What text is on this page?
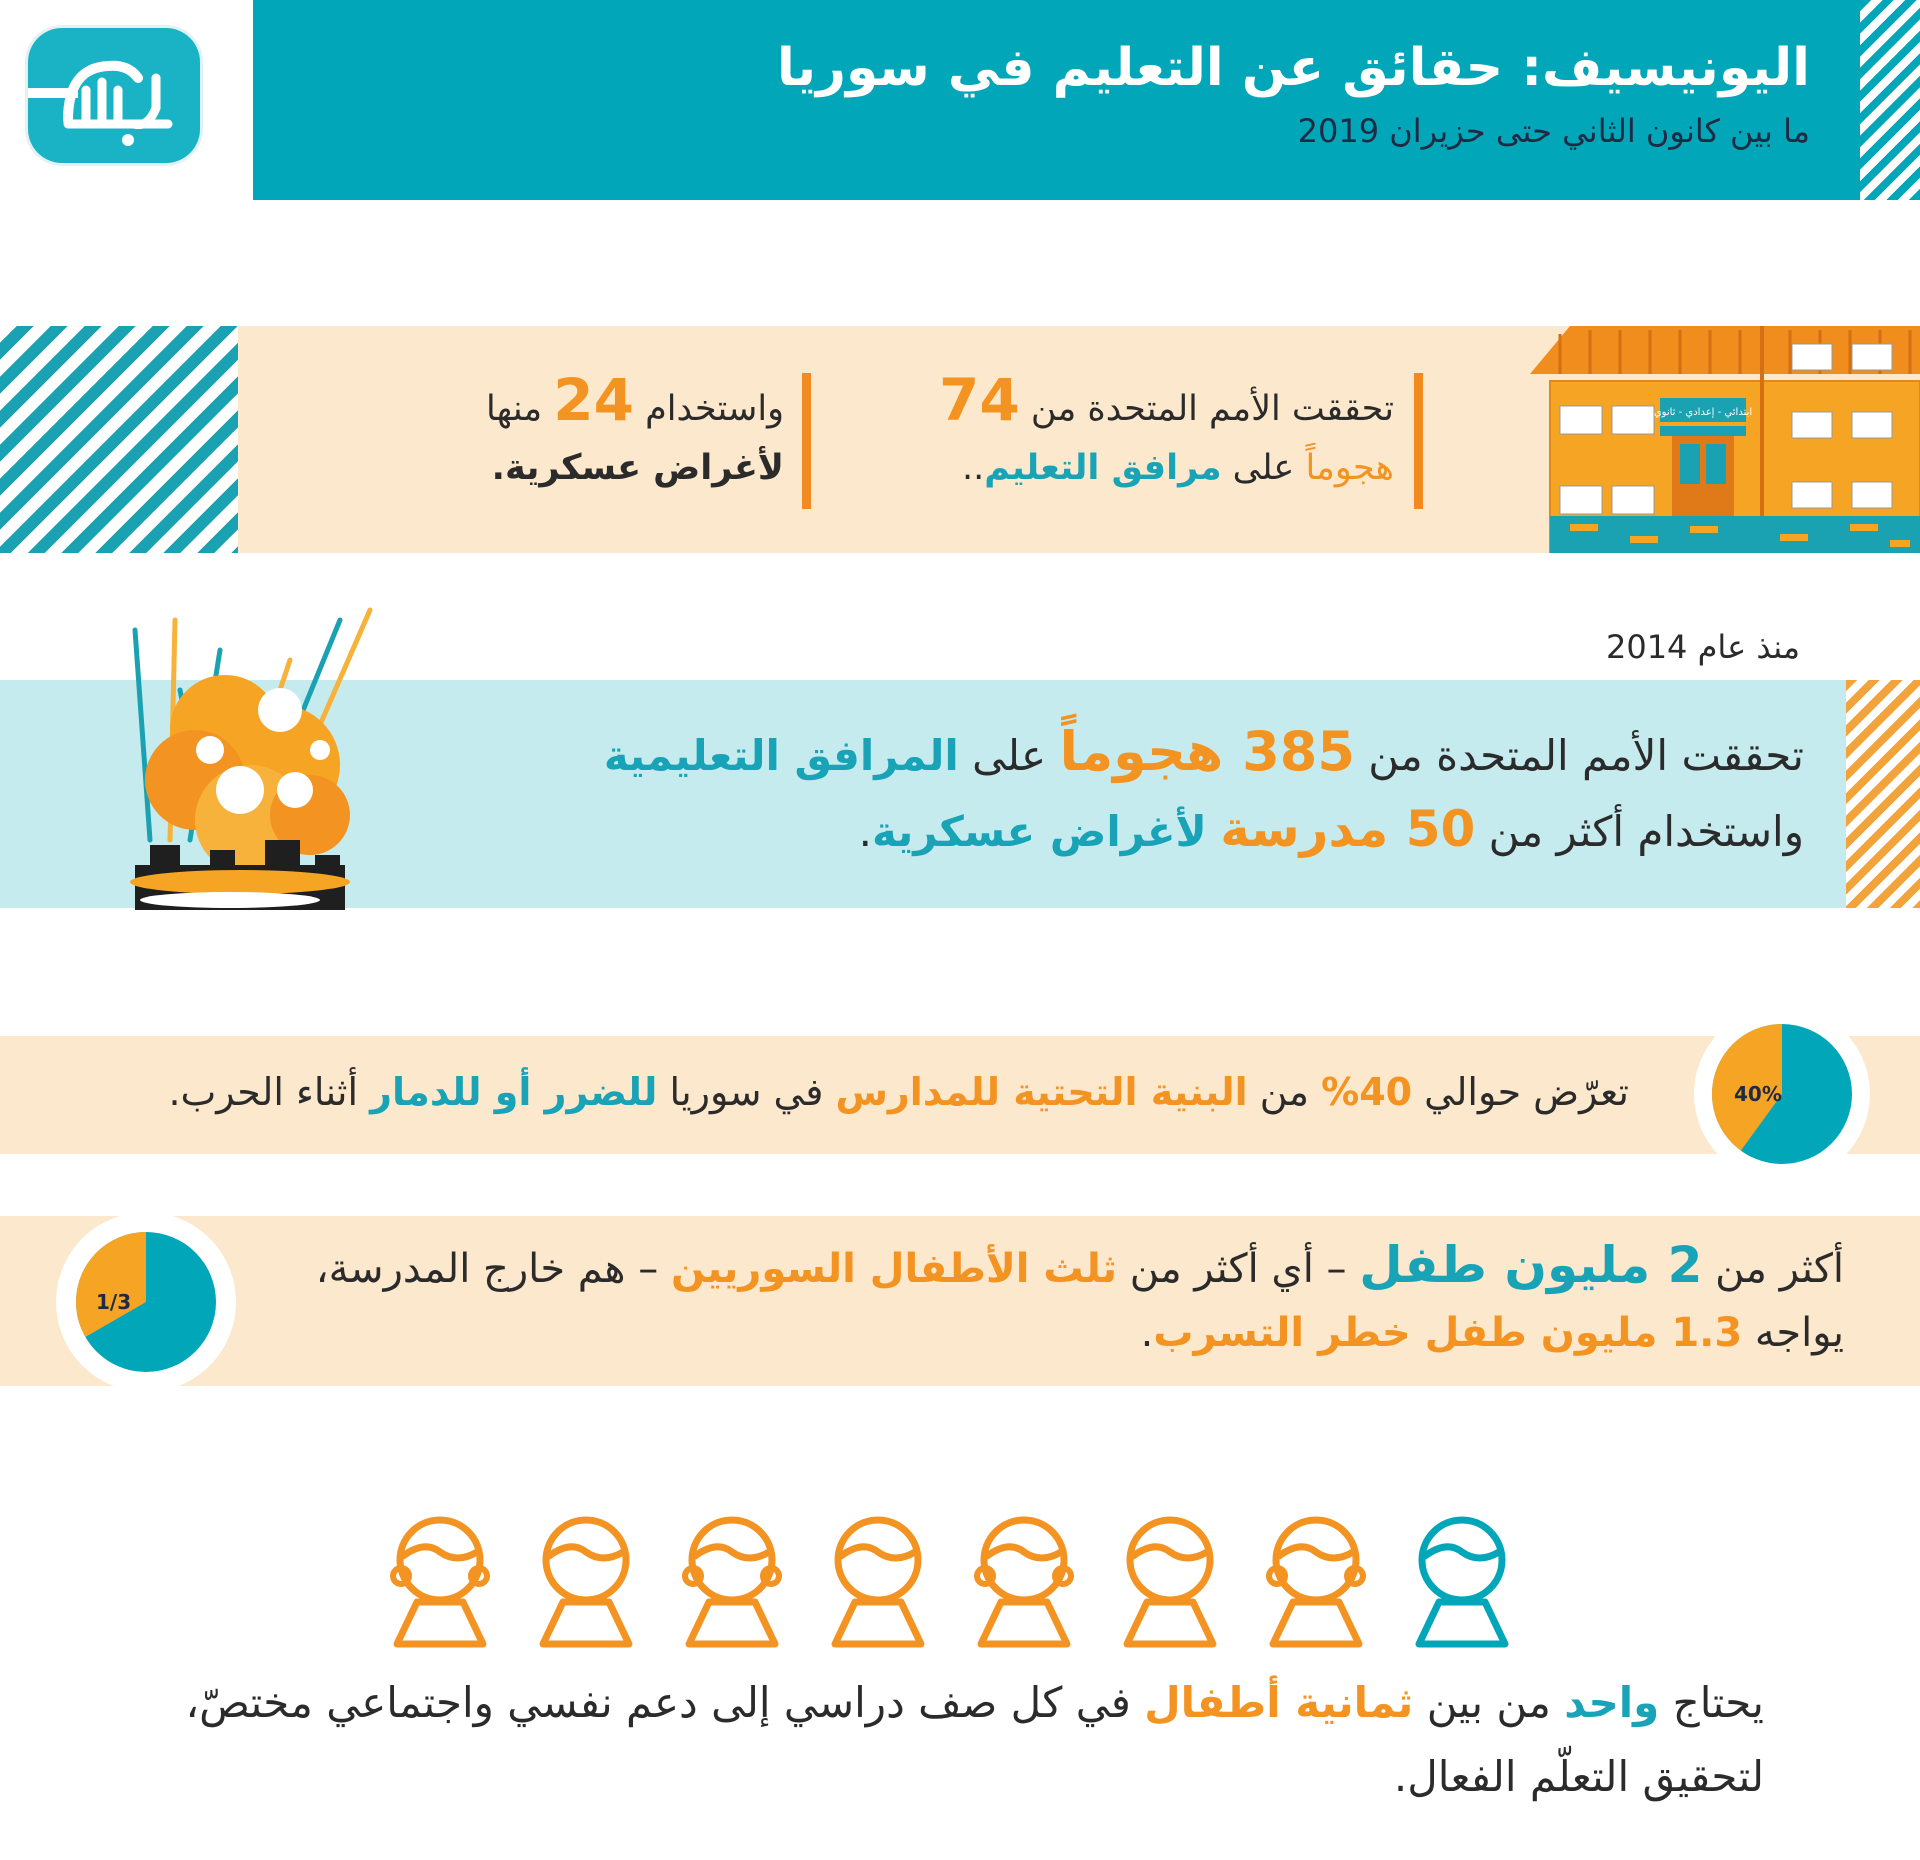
اليونيسيف: حقائق عن التعليم في سوريا
ما بين كانون الثاني حتى حزيران 2019
ابتدائي - إعدادي - ثانوي
تحققت الأمم المتحدة من 74
هجوماً على مرافق التعليم..
واستخدام 24 منها
لأغراض عسكرية.
منذ عام 2014
تحققت الأمم المتحدة من 385 هجوماً على المرافق التعليمية
واستخدام أكثر من 50 مدرسة لأغراض عسكرية.
40%
تعرّض حوالي 40% من البنية التحتية للمدارس في سوريا للضرر أو للدمار أثناء الحرب.
1/3
أكثر من 2 مليون طفل – أي أكثر من ثلث الأطفال السوريين – هم خارج المدرسة،
يواجه 1.3 مليون طفل خطر التسرب.
يحتاج واحد من بين ثمانية أطفال في كل صف دراسي إلى دعم نفسي واجتماعي مختصّ،
لتحقيق التعلّم الفعال.
